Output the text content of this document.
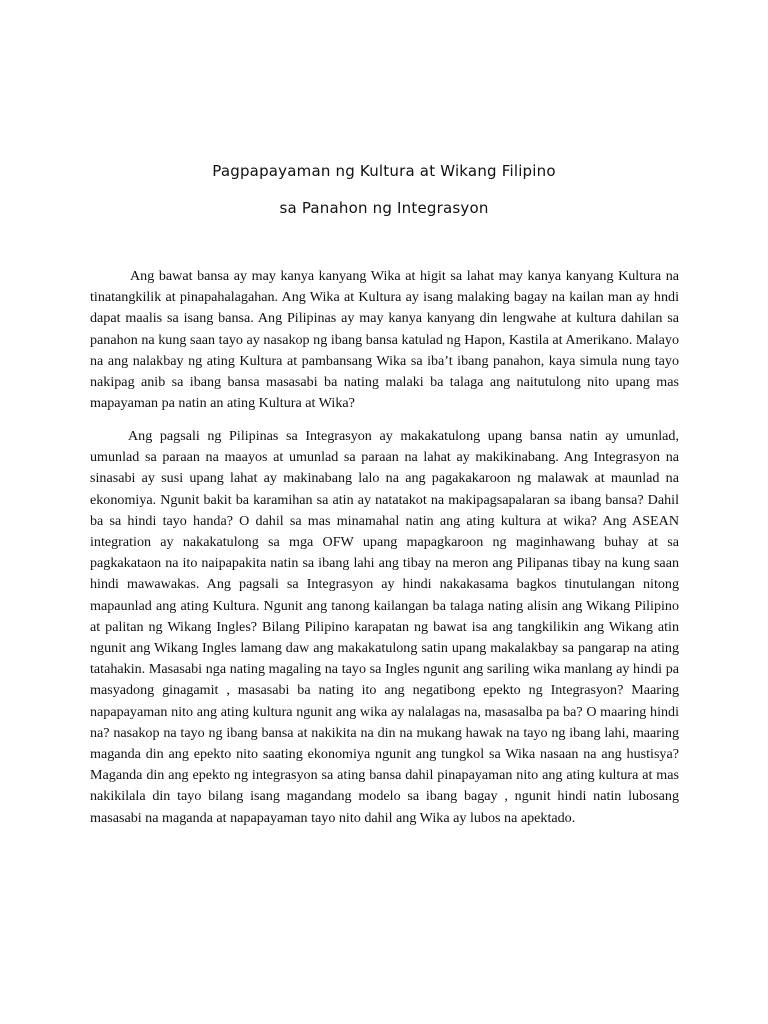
Pagpapayaman ng Kultura at Wikang Filipino
sa Panahon ng Integrasyon

Ang bawat bansa ay may kanya kanyang Wika at higit sa lahat may kanya kanyang Kultura na tinatangkilik at pinapahalagahan. Ang Wika at Kultura ay isang malaking bagay na kailan man ay hndi dapat maalis sa isang bansa. Ang Pilipinas ay may kanya kanyang din lengwahe at kultura dahilan sa panahon na kung saan tayo ay nasakop ng ibang bansa katulad ng Hapon, Kastila at Amerikano. Malayo na ang nalakbay ng ating Kultura at pambansang Wika sa iba’t ibang panahon, kaya simula nung tayo nakipag anib sa ibang bansa masasabi ba nating malaki ba talaga ang naitutulong nito upang mas mapayaman pa natin an ating Kultura at Wika?

Ang pagsali ng Pilipinas sa Integrasyon ay makakatulong upang bansa natin ay umunlad, umunlad sa paraan na maayos at umunlad sa paraan na lahat ay makikinabang. Ang Integrasyon na sinasabi ay susi upang lahat ay makinabang lalo na ang pagakakaroon ng malawak at maunlad na ekonomiya. Ngunit bakit ba karamihan sa atin ay natatakot na makipagsapalaran sa ibang bansa? Dahil ba sa hindi tayo handa? O dahil sa mas minamahal natin ang ating kultura at wika? Ang ASEAN integration ay nakakatulong sa mga OFW upang mapagkaroon ng maginhawang buhay at sa pagkakataon na ito naipapakita natin sa ibang lahi ang tibay na meron ang Pilipanas tibay na kung saan hindi mawawakas. Ang pagsali sa Integrasyon ay hindi nakakasama bagkos tinutulangan nitong mapaunlad ang ating Kultura. Ngunit ang tanong kailangan ba talaga nating alisin ang Wikang Pilipino at palitan ng Wikang Ingles? Bilang Pilipino karapatan ng bawat isa ang tangkilikin ang Wikang atin ngunit ang Wikang Ingles lamang daw ang makakatulong satin upang makalakbay sa pangarap na ating tatahakin. Masasabi nga nating magaling na tayo sa Ingles ngunit ang sariling wika manlang ay hindi pa masyadong ginagamit , masasabi ba nating ito ang negatibong epekto ng Integrasyon? Maaring napapayaman nito ang ating kultura ngunit ang wika ay nalalagas na, masasalba pa ba? O maaring hindi na? nasakop na tayo ng ibang bansa at nakikita na din na mukang hawak na tayo ng ibang lahi, maaring maganda din ang epekto nito saating ekonomiya ngunit ang tungkol sa Wika nasaan na ang hustisya? Maganda din ang epekto ng integrasyon sa ating bansa dahil pinapayaman nito ang ating kultura at mas nakikilala din tayo bilang isang magandang modelo sa ibang bagay , ngunit hindi natin lubosang masasabi na maganda at napapayaman tayo nito dahil ang Wika ay lubos na apektado.
